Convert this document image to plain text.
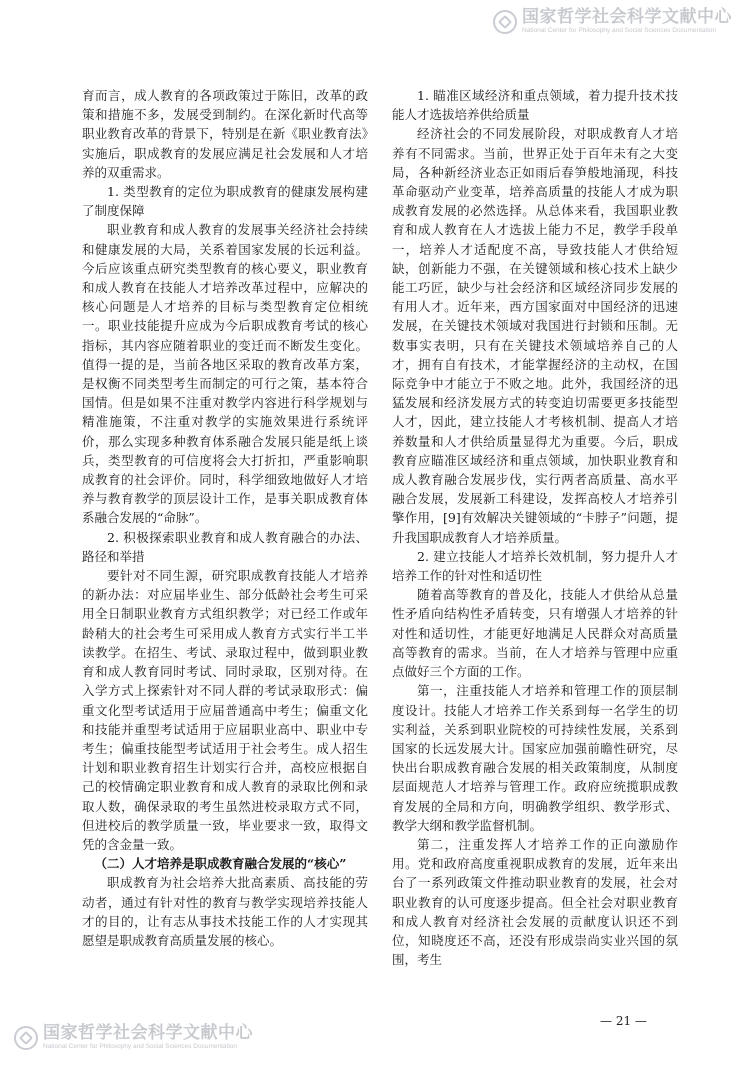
国家哲学社会科学文献中心
National Center for Philosophy and Social Sciences Documentation

育而言，成人教育的各项政策过于陈旧，改革的政策和措施不多，发展受到制约。在深化新时代高等职业教育改革的背景下，特别是在新《职业教育法》实施后，职成教育的发展应满足社会发展和人才培养的双重需求。

1. 类型教育的定位为职成教育的健康发展构建了制度保障

职业教育和成人教育的发展事关经济社会持续和健康发展的大局，关系着国家发展的长远利益。今后应该重点研究类型教育的核心要义，职业教育和成人教育在技能人才培养改革过程中，应解决的核心问题是人才培养的目标与类型教育定位相统一。职业技能提升应成为今后职成教育考试的核心指标，其内容应随着职业的变迁而不断发生变化。值得一提的是，当前各地区采取的教育改革方案，是权衡不同类型考生而制定的可行之策，基本符合国情。但是如果不注重对教学内容进行科学规划与精准施策，不注重对教学的实施效果进行系统评价，那么实现多种教育体系融合发展只能是纸上谈兵，类型教育的可信度将会大打折扣，严重影响职成教育的社会评价。同时，科学细致地做好人才培养与教育教学的顶层设计工作，是事关职成教育体系融合发展的“命脉”。

2. 积极探索职业教育和成人教育融合的办法、路径和举措

要针对不同生源，研究职成教育技能人才培养的新办法：对应届毕业生、部分低龄社会考生可采用全日制职业教育方式组织教学；对已经工作或年龄稍大的社会考生可采用成人教育方式实行半工半读教学。在招生、考试、录取过程中，做到职业教育和成人教育同时考试、同时录取，区别对待。在入学方式上探索针对不同人群的考试录取形式：偏重文化型考试适用于应届普通高中考生；偏重文化和技能并重型考试适用于应届职业高中、职业中专考生；偏重技能型考试适用于社会考生。成人招生计划和职业教育招生计划实行合并，高校应根据自己的校情确定职业教育和成人教育的录取比例和录取人数，确保录取的考生虽然进校录取方式不同，但进校后的教学质量一致，毕业要求一致，取得文凭的含金量一致。

（二）人才培养是职成教育融合发展的“核心”

职成教育为社会培养大批高素质、高技能的劳动者，通过有针对性的教育与教学实现培养技能人才的目的，让有志从事技术技能工作的人才实现其愿望是职成教育高质量发展的核心。

1. 瞄准区域经济和重点领域，着力提升技术技能人才选拔培养供给质量

经济社会的不同发展阶段，对职成教育人才培养有不同需求。当前，世界正处于百年未有之大变局，各种新经济业态正如雨后春笋般地涌现，科技革命驱动产业变革，培养高质量的技能人才成为职成教育发展的必然选择。从总体来看，我国职业教育和成人教育在人才选拔上能力不足，教学手段单一，培养人才适配度不高，导致技能人才供给短缺，创新能力不强，在关键领域和核心技术上缺少能工巧匠，缺少与社会经济和区域经济同步发展的有用人才。近年来，西方国家面对中国经济的迅速发展，在关键技术领域对我国进行封锁和压制。无数事实表明，只有在关键技术领域培养自己的人才，拥有自有技术，才能掌握经济的主动权，在国际竞争中才能立于不败之地。此外，我国经济的迅猛发展和经济发展方式的转变迫切需要更多技能型人才，因此，建立技能人才考核机制、提高人才培养数量和人才供给质量显得尤为重要。今后，职成教育应瞄准区域经济和重点领域，加快职业教育和成人教育融合发展步伐，实行两者高质量、高水平融合发展，发展新工科建设，发挥高校人才培养引擎作用，[9]有效解决关键领域的“卡脖子”问题，提升我国职成教育人才培养质量。

2. 建立技能人才培养长效机制，努力提升人才培养工作的针对性和适切性

随着高等教育的普及化，技能人才供给从总量性矛盾向结构性矛盾转变，只有增强人才培养的针对性和适切性，才能更好地满足人民群众对高质量高等教育的需求。当前，在人才培养与管理中应重点做好三个方面的工作。

第一，注重技能人才培养和管理工作的顶层制度设计。技能人才培养工作关系到每一名学生的切实利益，关系到职业院校的可持续性发展，关系到国家的长远发展大计。国家应加强前瞻性研究，尽快出台职成教育融合发展的相关政策制度，从制度层面规范人才培养与管理工作。政府应统揽职成教育发展的全局和方向，明确教学组织、教学形式、教学大纲和教学监督机制。

第二，注重发挥人才培养工作的正向激励作用。党和政府高度重视职成教育的发展，近年来出台了一系列政策文件推动职业教育的发展，社会对职业教育的认可度逐步提高。但全社会对职业教育和成人教育对经济社会发展的贡献度认识还不到位，知晓度还不高，还没有形成崇尚实业兴国的氛围，考生

— 21 —
国家哲学社会科学文献中心
National Center for Philosophy and Social Sciences Documentation
